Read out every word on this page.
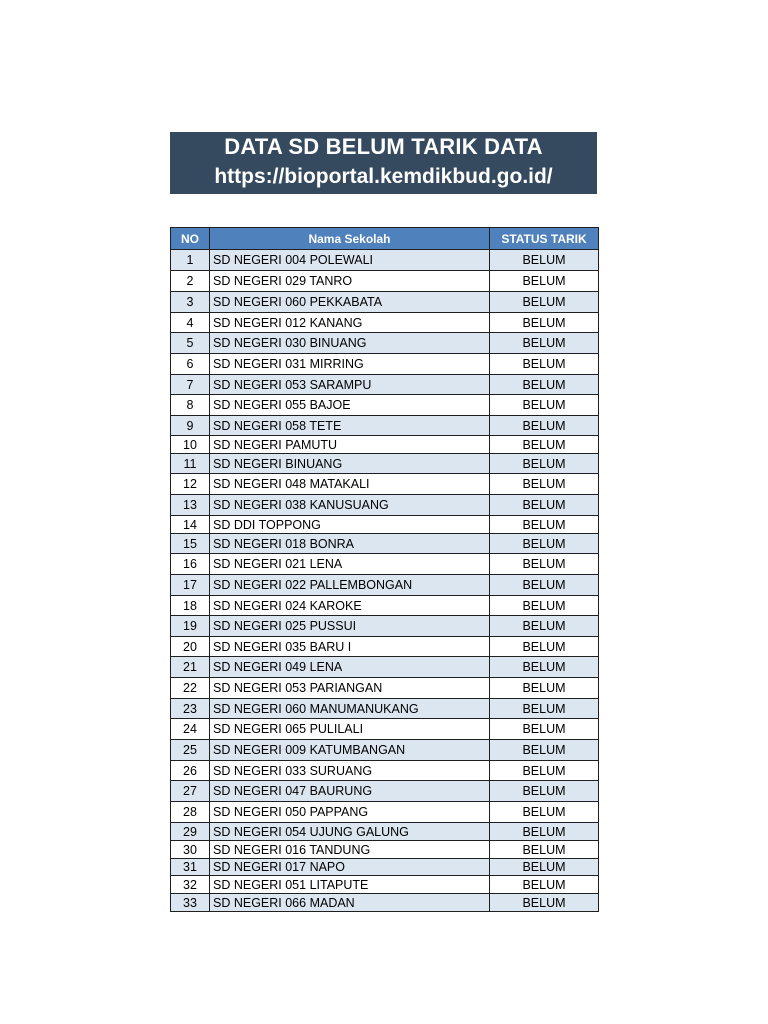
DATA SD BELUM TARIK DATA
https://bioportal.kemdikbud.go.id/
NO	Nama Sekolah	STATUS TARIK
1	SD NEGERI 004 POLEWALI	BELUM
2	SD NEGERI 029 TANRO	BELUM
3	SD NEGERI 060 PEKKABATA	BELUM
4	SD NEGERI 012 KANANG	BELUM
5	SD NEGERI 030 BINUANG	BELUM
6	SD NEGERI 031 MIRRING	BELUM
7	SD NEGERI 053 SARAMPU	BELUM
8	SD NEGERI 055 BAJOE	BELUM
9	SD NEGERI 058 TETE	BELUM
10	SD NEGERI PAMUTU	BELUM
11	SD NEGERI BINUANG	BELUM
12	SD NEGERI 048 MATAKALI	BELUM
13	SD NEGERI 038 KANUSUANG	BELUM
14	SD DDI TOPPONG	BELUM
15	SD NEGERI 018 BONRA	BELUM
16	SD NEGERI 021 LENA	BELUM
17	SD NEGERI 022 PALLEMBONGAN	BELUM
18	SD NEGERI 024 KAROKE	BELUM
19	SD NEGERI 025 PUSSUI	BELUM
20	SD NEGERI 035 BARU I	BELUM
21	SD NEGERI 049 LENA	BELUM
22	SD NEGERI 053 PARIANGAN	BELUM
23	SD NEGERI 060 MANUMANUKANG	BELUM
24	SD NEGERI 065 PULILALI	BELUM
25	SD NEGERI 009 KATUMBANGAN	BELUM
26	SD NEGERI 033 SURUANG	BELUM
27	SD NEGERI 047 BAURUNG	BELUM
28	SD NEGERI 050 PAPPANG	BELUM
29	SD NEGERI 054 UJUNG GALUNG	BELUM
30	SD NEGERI 016 TANDUNG	BELUM
31	SD NEGERI 017 NAPO	BELUM
32	SD NEGERI 051 LITAPUTE	BELUM
33	SD NEGERI 066 MADAN	BELUM
